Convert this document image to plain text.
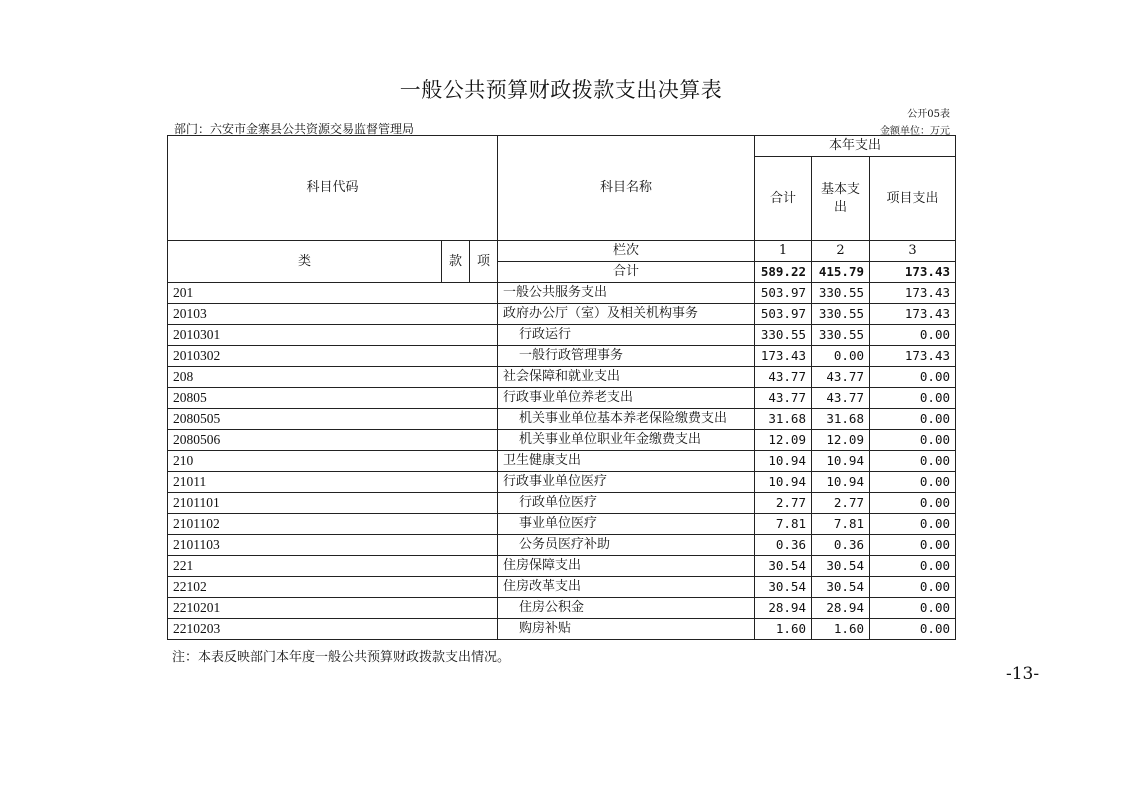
一般公共预算财政拨款支出决算表
公开05表
部门：六安市金寨县公共资源交易监督管理局	金额单位：万元
科目代码			科目名称	本年支出		
				合计	基本支出	项目支出
类	款	项	栏次	1	2	3
			合计	589.22	415.79	173.43
201			一般公共服务支出	503.97	330.55	173.43
20103			政府办公厅（室）及相关机构事务	503.97	330.55	173.43
2010301			行政运行	330.55	330.55	0.00
2010302			一般行政管理事务	173.43	0.00	173.43
208			社会保障和就业支出	43.77	43.77	0.00
20805			行政事业单位养老支出	43.77	43.77	0.00
2080505			机关事业单位基本养老保险缴费支出	31.68	31.68	0.00
2080506			机关事业单位职业年金缴费支出	12.09	12.09	0.00
210			卫生健康支出	10.94	10.94	0.00
21011			行政事业单位医疗	10.94	10.94	0.00
2101101			行政单位医疗	2.77	2.77	0.00
2101102			事业单位医疗	7.81	7.81	0.00
2101103			公务员医疗补助	0.36	0.36	0.00
221			住房保障支出	30.54	30.54	0.00
22102			住房改革支出	30.54	30.54	0.00
2210201			住房公积金	28.94	28.94	0.00
2210203			购房补贴	1.60	1.60	0.00
注：本表反映部门本年度一般公共预算财政拨款支出情况。
-13-
